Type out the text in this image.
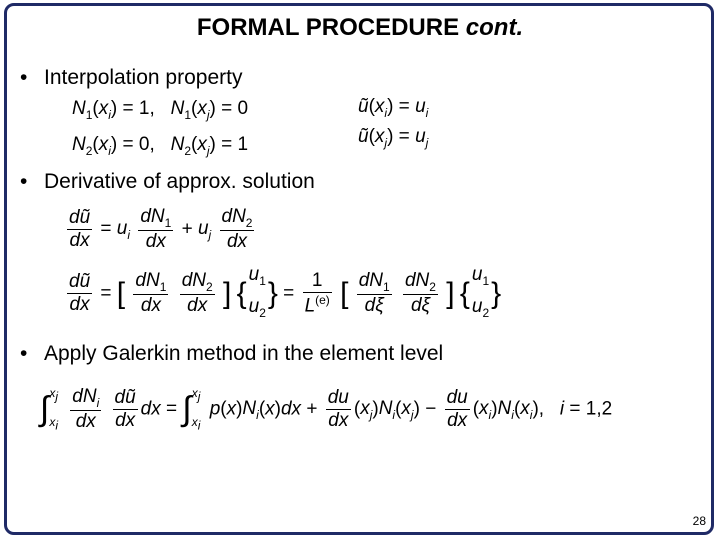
FORMAL PROCEDURE cont.
• Interpolation property
$N_1(x_i) = 1$,   $N_1(x_j) = 0$
$N_2(x_i) = 0$,   $N_2(x_j) = 1$
$ũ(x_i) = u_i$
$ũ(x_j) = u_j$
• Derivative of approx. solution
$\frac{dũ}{dx} = u_i \frac{dN_1}{dx} + u_j \frac{dN_2}{dx}$
$\frac{dũ}{dx}$ = [ $\frac{dN_1}{dx}$
$\frac{dN_2}{dx}$ ] {
$u_1$
$u_2$
} = $\frac{1}{L^{(e)}}$ [ $\frac{dN_1}{d\xi}$
$\frac{dN_2}{d\xi}$ ] {
$u_1$
$u_2$
}
• Apply Galerkin method in the element level
∫ $x_j$
$x_i$
$\frac{dN_i}{dx}$
$\frac{dũ}{dx}$ dx = ∫ $x_j$
$x_i$
$p(x)N_i(x)dx + \frac{du}{dx} (x_j)N_i(x_j) - \frac{du}{dx} (x_i)N_i(x_i)$,   i = 1,2
28
